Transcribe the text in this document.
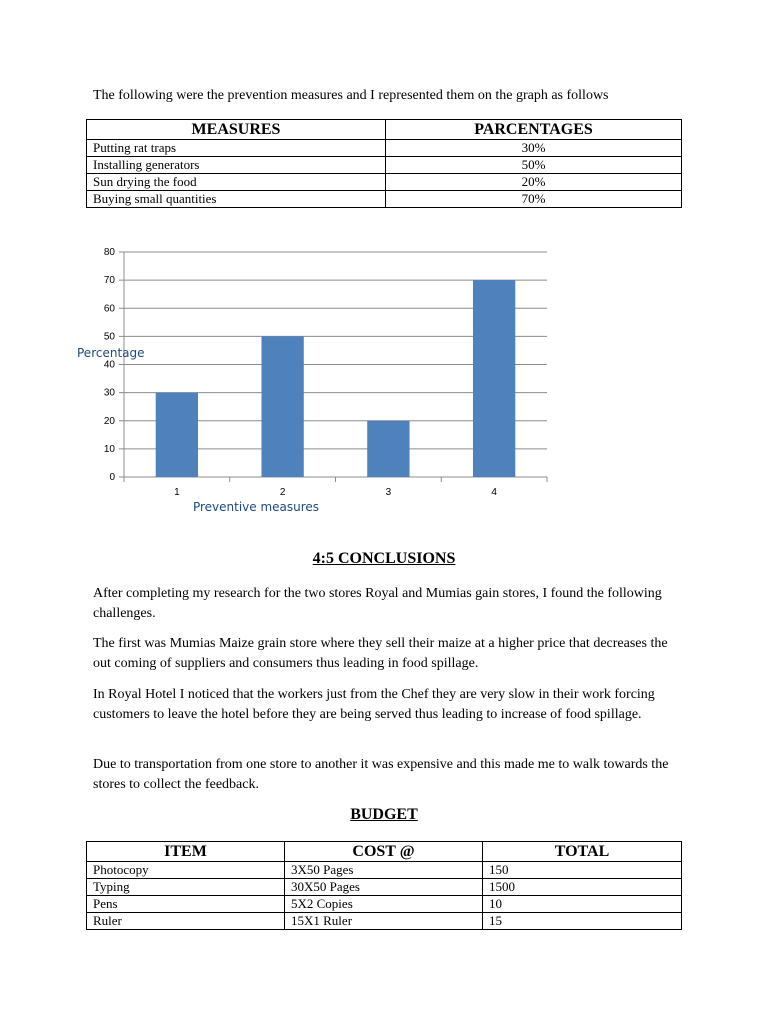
The following were the prevention measures and I represented them on the graph as follows
MEASURES	PARCENTAGES
Putting rat traps	30%
Installing generators	50%
Sun drying the food	20%
Buying small quantities	70%
0
10
20
30
40
50
60
70
80
1	2	3	4
Percentage
Preventive measures
4:5 CONCLUSIONS
After completing my research for the two stores Royal and Mumias gain stores, I found the following challenges.
The first was Mumias Maize grain store where they sell their maize at a higher price that decreases the out coming of suppliers and consumers thus leading in food spillage.
In Royal Hotel I noticed that the workers just from the Chef they are very slow in their work forcing customers to leave the hotel before they are being served thus leading to increase of food spillage.
Due to transportation from one store to another it was expensive and this made me to walk towards the stores to collect the feedback.
BUDGET
ITEM	COST @	TOTAL
Photocopy	3X50 Pages	150
Typing	30X50 Pages	1500
Pens	5X2 Copies	10
Ruler	15X1 Ruler	15
